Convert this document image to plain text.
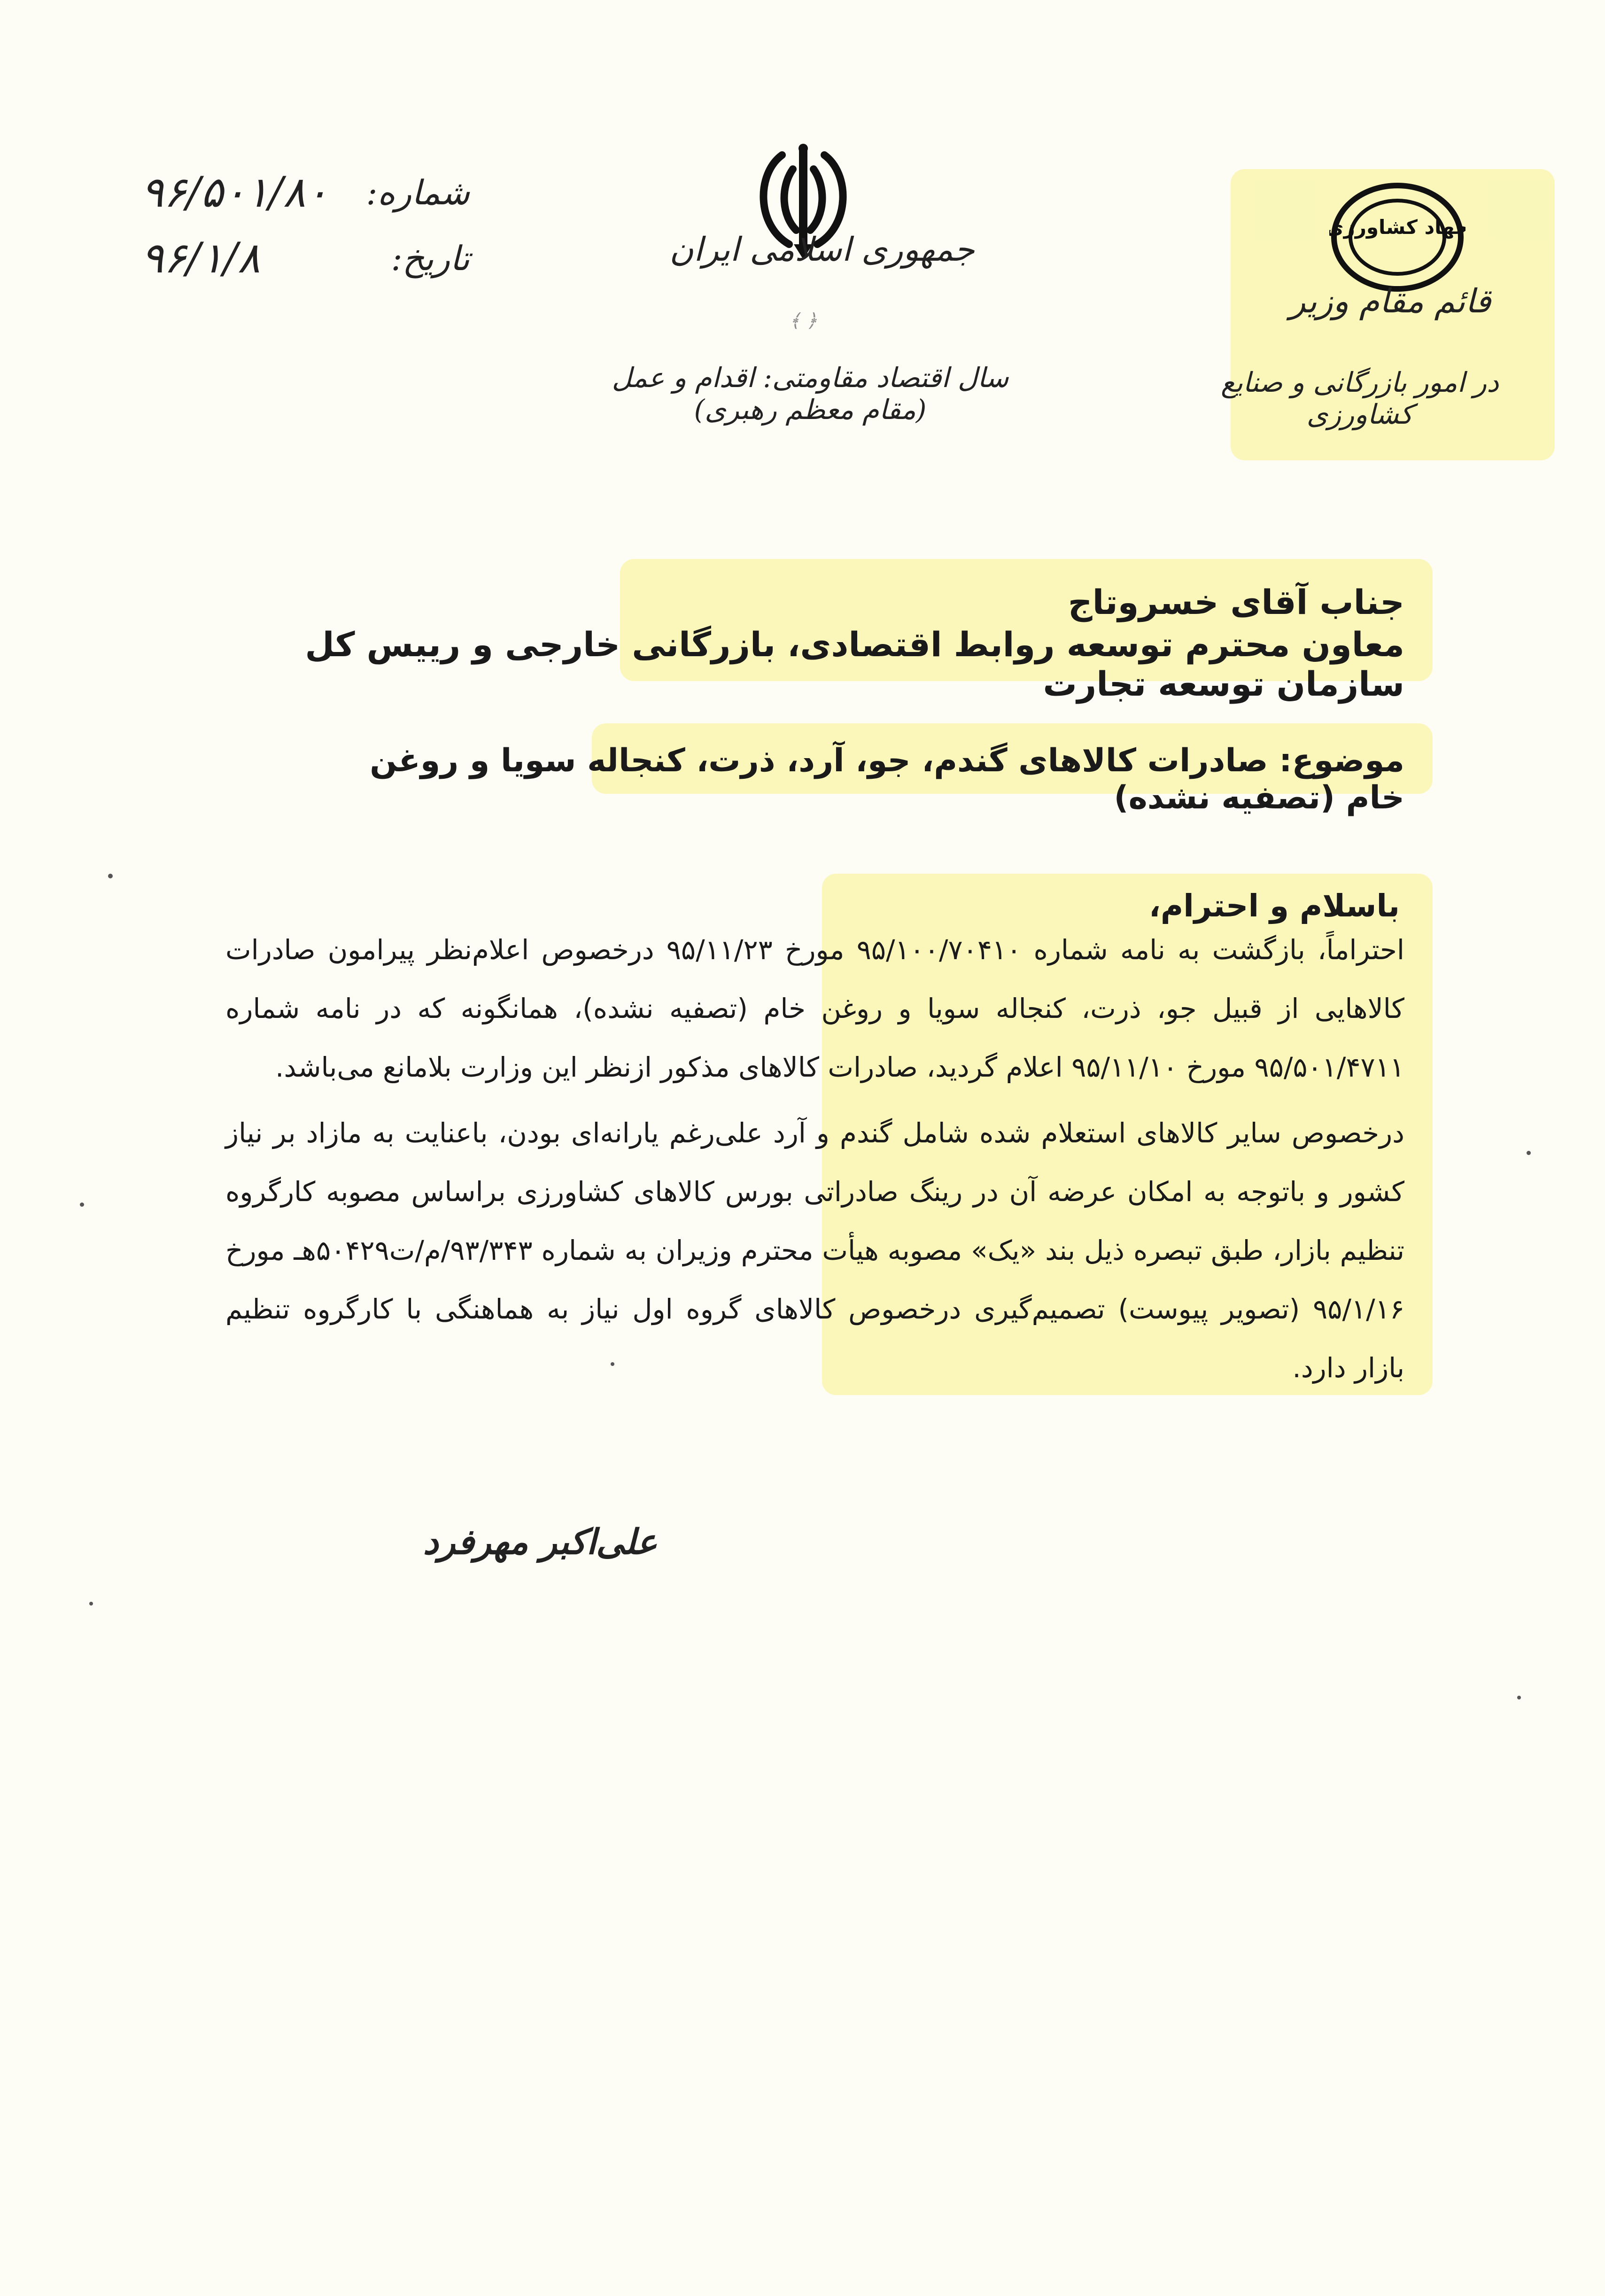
شماره:
۹۶/۵۰۱/۸۰
تاریخ:
۹۶/۱/۸	جمهوری اسلامی ایران
﴾ ﴿
سال اقتصاد مقاومتی: اقدام و عمل (مقام معظم رهبری)
جهاد کشاورزی
قائم مقام وزیر
در امور بازرگانی و صنایع کشاورزی
جناب آقای خسروتاج
معاون محترم توسعه روابط اقتصادی، بازرگانی خارجی و رییس کل سازمان توسعه تجارت
موضوع: صادرات کالاهای گندم، جو، آرد، ذرت، کنجاله سویا و روغن خام (تصفیه نشده)
باسلام و احترام،
احتراماً، بازگشت به نامه شماره ۹۵/۱۰۰/۷۰۴۱۰ مورخ ۹۵/۱۱/۲۳ درخصوص اعلام‌نظر پیرامون صادرات کالاهایی از قبیل جو، ذرت، کنجاله سویا و روغن خام (تصفیه نشده)، همانگونه که در نامه شماره ۹۵/۵۰۱/۴۷۱۱ مورخ ۹۵/۱۱/۱۰ اعلام گردید، صادرات کالاهای مذکور ازنظر این وزارت بلامانع می‌باشد.
درخصوص سایر کالاهای استعلام شده شامل گندم و آرد علی‌رغم یارانه‌ای بودن، باعنایت به مازاد بر نیاز کشور و باتوجه به امکان عرضه آن در رینگ صادراتی بورس کالاهای کشاورزی براساس مصوبه کارگروه تنظیم بازار، طبق تبصره ذیل بند «یک» مصوبه هیأت محترم وزیران به شماره ۹۳/۳۴۳/م/ت۵۰۴۲۹هـ مورخ ۹۵/۱/۱۶ (تصویر پیوست) تصمیم‌گیری درخصوص کالاهای گروه اول نیاز به هماهنگی با کارگروه تنظیم بازار دارد.
علی‌اکبر مهرفرد
